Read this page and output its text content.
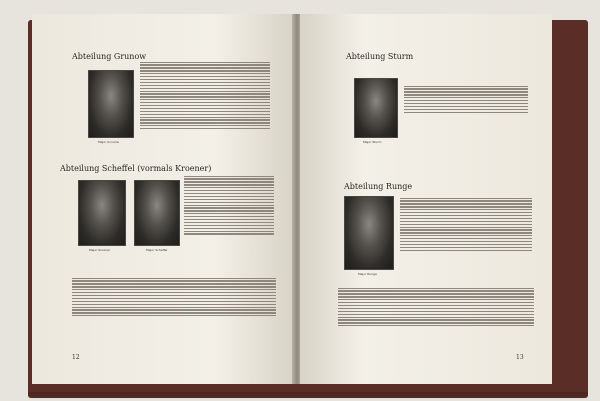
Abteilung Grunow
Major Grunow
Abteilung Scheffel (vormals Kroener)
Major Kroener	Major Scheffel
12
Abteilung Sturm
Major Sturm
Abteilung Runge
Major Runge
13
